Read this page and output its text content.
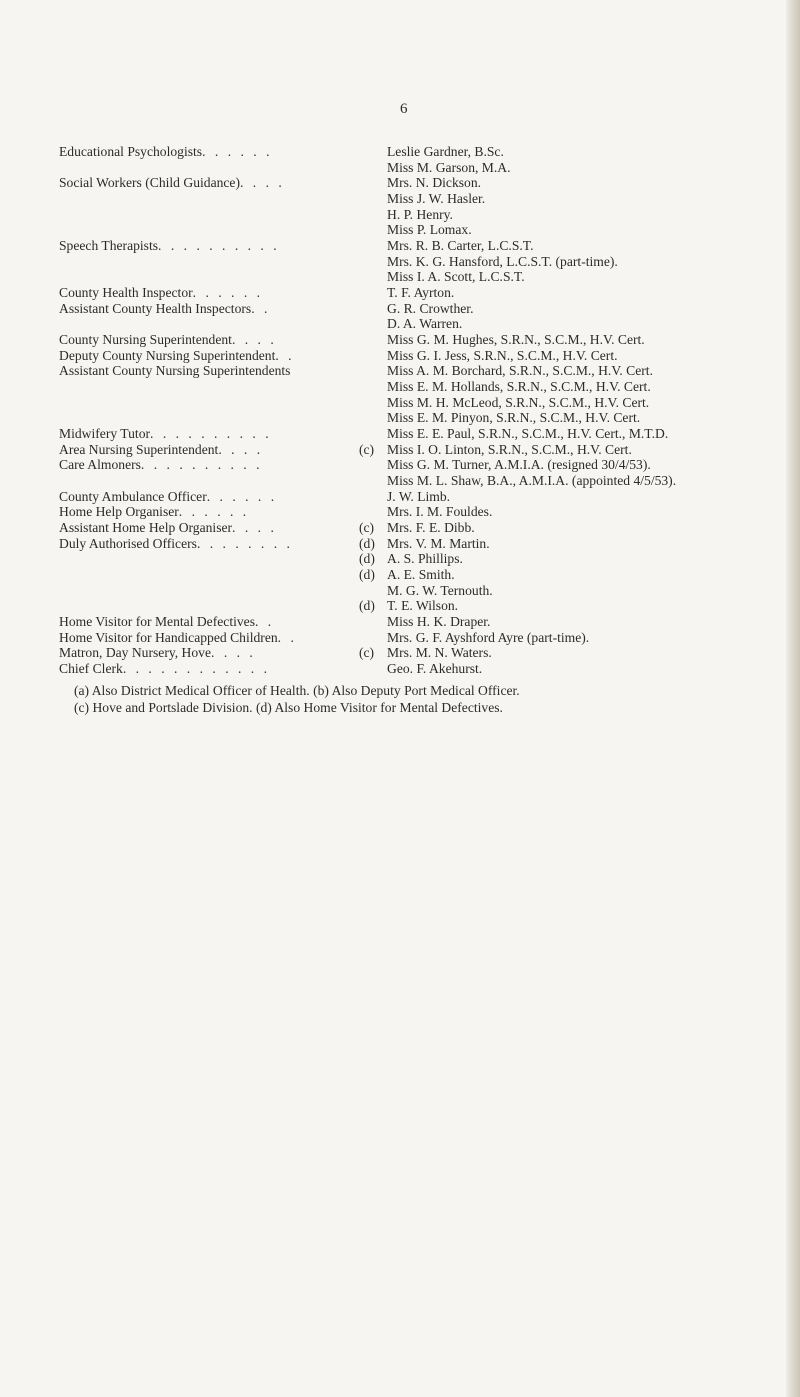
6
Educational Psychologists. . . . . .	Leslie Gardner, B.Sc.
Miss M. Garson, M.A.
Social Workers (Child Guidance). . . .	Mrs. N. Dickson.
Miss J. W. Hasler.
H. P. Henry.
Miss P. Lomax.
Speech Therapists. . . . . . . . . .	Mrs. R. B. Carter, L.C.S.T.
Mrs. K. G. Hansford, L.C.S.T. (part-time).
Miss I. A. Scott, L.C.S.T.
County Health Inspector. . . . . .	T. F. Ayrton.
Assistant County Health Inspectors. .	G. R. Crowther.
D. A. Warren.
County Nursing Superintendent. . . .	Miss G. M. Hughes, S.R.N., S.C.M., H.V. Cert.
Deputy County Nursing Superintendent. .	Miss G. I. Jess, S.R.N., S.C.M., H.V. Cert.
Assistant County Nursing Superintendents	Miss A. M. Borchard, S.R.N., S.C.M., H.V. Cert.
Miss E. M. Hollands, S.R.N., S.C.M., H.V. Cert.
Miss M. H. McLeod, S.R.N., S.C.M., H.V. Cert.
Miss E. M. Pinyon, S.R.N., S.C.M., H.V. Cert.
Midwifery Tutor. . . . . . . . . .	Miss E. E. Paul, S.R.N., S.C.M., H.V. Cert., M.T.D.
Area Nursing Superintendent. . . .	(c) Miss I. O. Linton, S.R.N., S.C.M., H.V. Cert.
Care Almoners. . . . . . . . . .	Miss G. M. Turner, A.M.I.A. (resigned 30/4/53).
Miss M. L. Shaw, B.A., A.M.I.A. (appointed 4/5/53).
County Ambulance Officer. . . . . .	J. W. Limb.
Home Help Organiser. . . . . .	Mrs. I. M. Fouldes.
Assistant Home Help Organiser. . . .	(c) Mrs. F. E. Dibb.
Duly Authorised Officers. . . . . . . .	(d) Mrs. V. M. Martin.
(d) A. S. Phillips.
(d) A. E. Smith.
M. G. W. Ternouth.
(d) T. E. Wilson.
Home Visitor for Mental Defectives. .	Miss H. K. Draper.
Home Visitor for Handicapped Children. .	Mrs. G. F. Ayshford Ayre (part-time).
Matron, Day Nursery, Hove. . . .	(c) Mrs. M. N. Waters.
Chief Clerk. . . . . . . . . . . .	Geo. F. Akehurst.
(a) Also District Medical Officer of Health. (b) Also Deputy Port Medical Officer.
(c) Hove and Portslade Division. (d) Also Home Visitor for Mental Defectives.
